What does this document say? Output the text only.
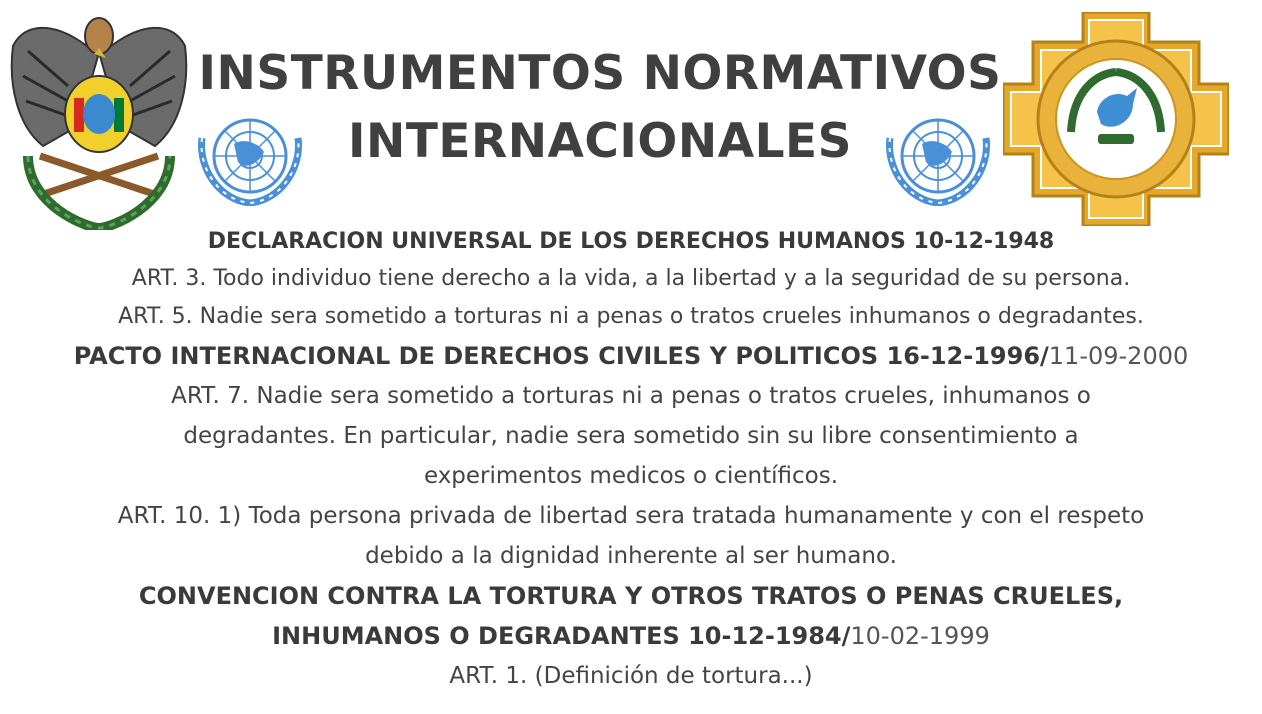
INSTRUMENTOS NORMATIVOS
INTERNACIONALES
DECLARACION UNIVERSAL DE LOS DERECHOS HUMANOS 10-12-1948
ART. 3. Todo individuo tiene derecho a la vida, a la libertad y a la seguridad de su persona.
ART. 5. Nadie sera sometido a torturas ni a penas o tratos crueles inhumanos o degradantes.
PACTO INTERNACIONAL DE DERECHOS CIVILES Y POLITICOS 16-12-1996/11-09-2000
ART. 7. Nadie sera sometido a torturas ni a penas o tratos crueles, inhumanos o
degradantes. En particular, nadie sera sometido sin su libre consentimiento a
experimentos medicos o científicos.
ART. 10. 1) Toda persona privada de libertad sera tratada humanamente y con el respeto
debido a la dignidad inherente al ser humano.
CONVENCION CONTRA LA TORTURA Y OTROS TRATOS O PENAS CRUELES,
INHUMANOS O DEGRADANTES 10-12-1984/10-02-1999
ART. 1. (Definición de tortura...)
